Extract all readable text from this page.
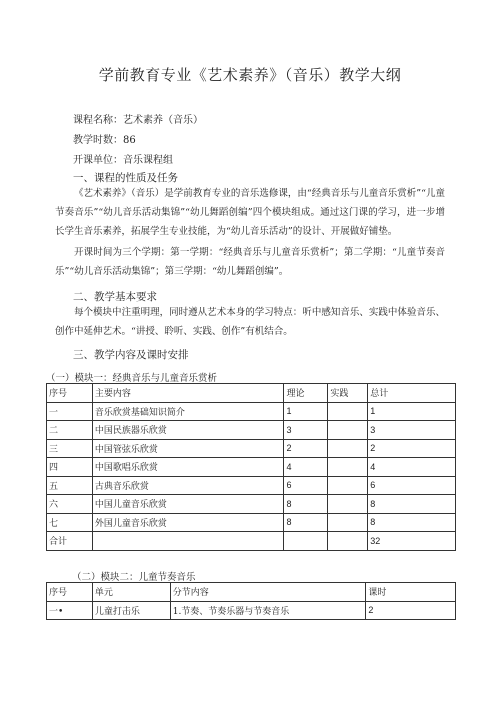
学前教育专业《艺术素养》（音乐）教学大纲
课程名称：艺术素养（音乐）
教学时数：86
开课单位：音乐课程组
一、课程的性质及任务

《艺术素养》（音乐）是学前教育专业的音乐选修课，由“经典音乐与儿童音乐赏析”“儿童节奏音乐”“幼儿音乐活动集锦”“幼儿舞蹈创编”四个模块组成。通过这门课的学习，进一步增长学生音乐素养，拓展学生专业技能，为“幼儿音乐活动”的设计、开展做好铺垫。

开课时间为三个学期：第一学期：“经典音乐与儿童音乐赏析”；第二学期：“儿童节奏音乐”“幼儿音乐活动集锦”；第三学期：“幼儿舞蹈创编”。

二、教学基本要求

每个模块中注重明理，同时遵从艺术本身的学习特点：听中感知音乐、实践中体验音乐、创作中延伸艺术。“讲授、聆听、实践、创作”有机结合。

三、教学内容及课时安排
（一）模块一：经典音乐与儿童音乐赏析
序号	主要内容	理论	实践	总计
一	音乐欣赏基础知识简介	1		1
二	中国民族器乐欣赏	3		3
三	中国管弦乐欣赏	2		2
四	中国歌唱乐欣赏	4		4
五	古典音乐欣赏	6		6
六	中国儿童音乐欣赏	8		8
七	外国儿童音乐欣赏	8		8
合计				32
（二）模块二：儿童节奏音乐
序号	单元	分节内容	课时
一•	儿童打击乐	1.节奏、节奏乐器与节奏音乐	2
